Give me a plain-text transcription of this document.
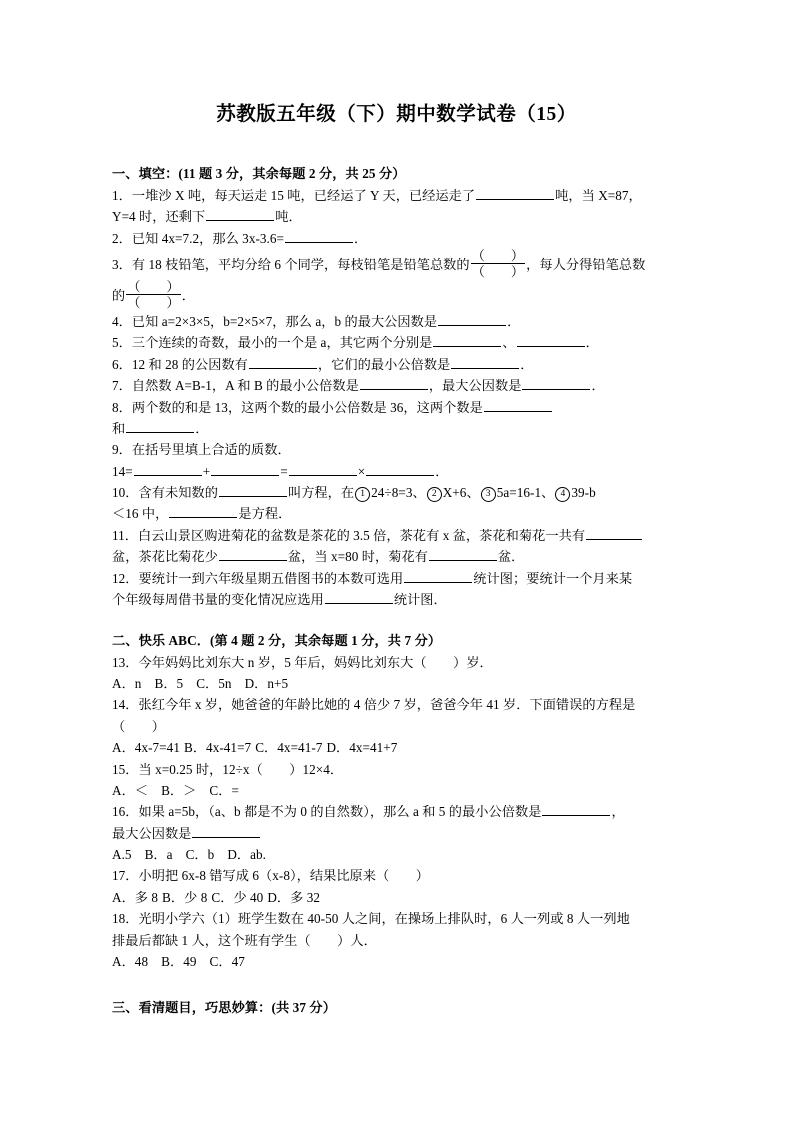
苏教版五年级（下）期中数学试卷（15）
一、填空：(11 题 3 分，其余每题 2 分，共 25 分）
1．一堆沙 X 吨，每天运走 15 吨，已经运了 Y 天，已经运走了	吨，当 X=87，
Y=4 时，还剩下	吨．
2．已知 4x=7.2，那么 3x‐3.6=	．
3．有 18 枝铅笔，平均分给 6 个同学，每枝铅笔是铅笔总数的 $\frac{( )}{( )}$ ，每人分得铅笔总数
的 $\frac{( )}{( )}$ ．
4．已知 a=2×3×5，b=2×5×7，那么 a，b 的最大公因数是	．
5．三个连续的奇数，最小的一个是 a，其它两个分别是	、	．
6．12 和 28 的公因数有	，它们的最小公倍数是	．
7．自然数 A=B‐1，A 和 B 的最小公倍数是	，最大公因数是	．
8．两个数的和是 13，这两个数的最小公倍数是 36，这两个数是
和	．
9．在括号里填上合适的质数．
14=	+	=	×	．
10．含有未知数的	叫方程，在 1 24÷8=3、 2 X+6、 3 5a=16‐1、 4 39‐b
＜16 中，	是方程．
11．白云山景区购进菊花的盆数是茶花的 3.5 倍，茶花有 x 盆，茶花和菊花一共有
盆，茶花比菊花少	盆，当 x=80 时，菊花有	盆．
12．要统计一到六年级星期五借图书的本数可选用	统计图；要统计一个月来某
个年级每周借书量的变化情况应选用	统计图．
二、快乐 ABC．(第 4 题 2 分，其余每题 1 分，共 7 分）
13．今年妈妈比刘东大 n 岁，5 年后，妈妈比刘东大（　　）岁．
A．n B．5 C．5n D．n+5
14．张红今年 x 岁，她爸爸的年龄比她的 4 倍少 7 岁，爸爸今年 41 岁．下面错误的方程是
（　　）
A．4x‐7=41 B．4x‐41=7 C．4x=41‐7 D．4x=41+7
15．当 x=0.25 时，12÷x（　　）12×4．
A．＜ B．＞ C．=
16．如果 a=5b，（a、b 都是不为 0 的自然数），那么 a 和 5 的最小公倍数是	，
最大公因数是
A.5 B．a C．b D．ab.
17．小明把 6x‐8 错写成 6（x‐8），结果比原来（　　）
A．多 8 B．少 8 C．少 40 D．多 32
18．光明小学六（1）班学生数在 40‐50 人之间，在操场上排队时，6 人一列或 8 人一列地
排最后都缺 1 人，这个班有学生（　　）人．
A．48 B．49 C．47
三、看清题目，巧思妙算：(共 37 分）
